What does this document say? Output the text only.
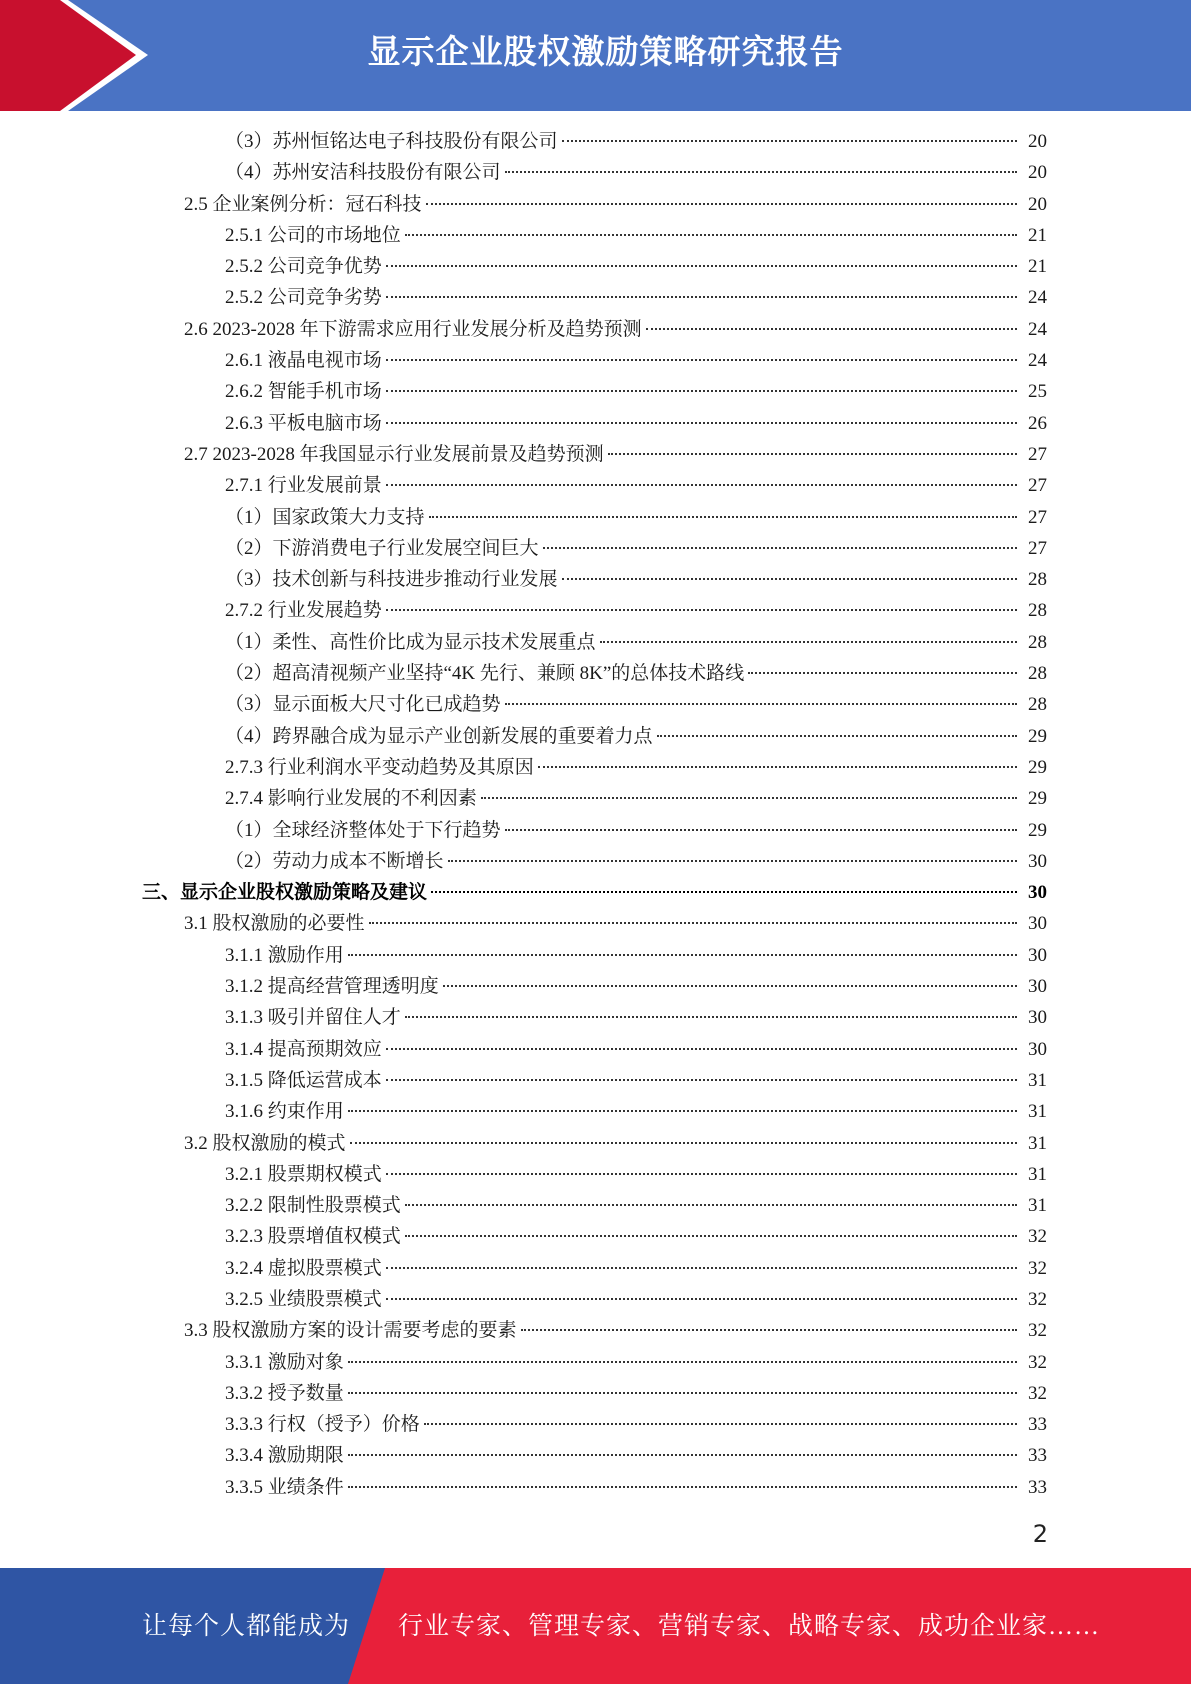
显示企业股权激励策略研究报告
（3）苏州恒铭达电子科技股份有限公司	20
（4）苏州安洁科技股份有限公司	20
2.5 企业案例分析：冠石科技	20
2.5.1 公司的市场地位	21
2.5.2 公司竞争优势	21
2.5.2 公司竞争劣势	24
2.6 2023-2028 年下游需求应用行业发展分析及趋势预测	24
2.6.1 液晶电视市场	24
2.6.2 智能手机市场	25
2.6.3 平板电脑市场	26
2.7 2023-2028 年我国显示行业发展前景及趋势预测	27
2.7.1 行业发展前景	27
（1）国家政策大力支持	27
（2）下游消费电子行业发展空间巨大	27
（3）技术创新与科技进步推动行业发展	28
2.7.2 行业发展趋势	28
（1）柔性、高性价比成为显示技术发展重点	28
（2）超高清视频产业坚持“4K 先行、兼顾 8K”的总体技术路线	28
（3）显示面板大尺寸化已成趋势	28
（4）跨界融合成为显示产业创新发展的重要着力点	29
2.7.3 行业利润水平变动趋势及其原因	29
2.7.4 影响行业发展的不利因素	29
（1）全球经济整体处于下行趋势	29
（2）劳动力成本不断增长	30
三、显示企业股权激励策略及建议	30
3.1 股权激励的必要性	30
3.1.1 激励作用	30
3.1.2 提高经营管理透明度	30
3.1.3 吸引并留住人才	30
3.1.4 提高预期效应	30
3.1.5 降低运营成本	31
3.1.6 约束作用	31
3.2 股权激励的模式	31
3.2.1 股票期权模式	31
3.2.2 限制性股票模式	31
3.2.3 股票增值权模式	32
3.2.4 虚拟股票模式	32
3.2.5 业绩股票模式	32
3.3 股权激励方案的设计需要考虑的要素	32
3.3.1 激励对象	32
3.3.2 授予数量	32
3.3.3 行权（授予）价格	33
3.3.4 激励期限	33
3.3.5 业绩条件	33
2
让每个人都能成为 行业专家、管理专家、营销专家、战略专家、成功企业家……
